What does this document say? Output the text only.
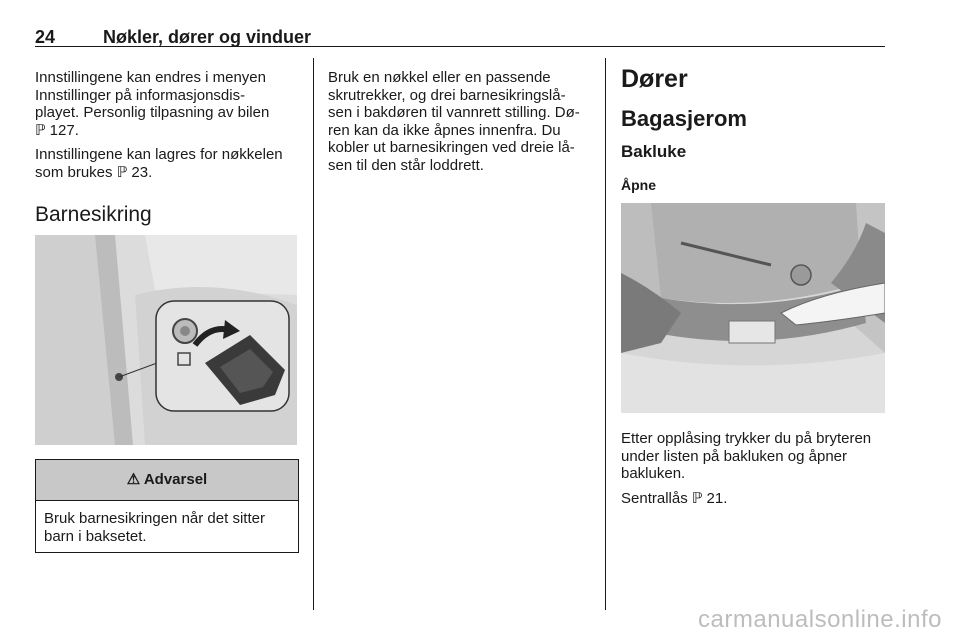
24	Nøkler, dører og vinduer

Innstillingene kan endres i menyen
Innstillinger på informasjonsdis-
playet. Personlig tilpasning av bilen
ℙ 127.

Innstillingene kan lagres for nøkkelen
som brukes ℙ 23.

Barnesikring
⚠ Advarsel
Bruk barnesikringen når det sitter
barn i baksetet.

Bruk en nøkkel eller en passende
skrutrekker, og drei barnesikringslå-
sen i bakdøren til vannrett stilling. Dø-
ren kan da ikke åpnes innenfra. Du
kobler ut barnesikringen ved dreie lå-
sen til den står loddrett.

Dører
Bagasjerom
Bakluke
Åpne

Etter opplåsing trykker du på bryteren
under listen på bakluken og åpner
bakluken.

Sentrallås ℙ 21.

carmanualsonline.info
